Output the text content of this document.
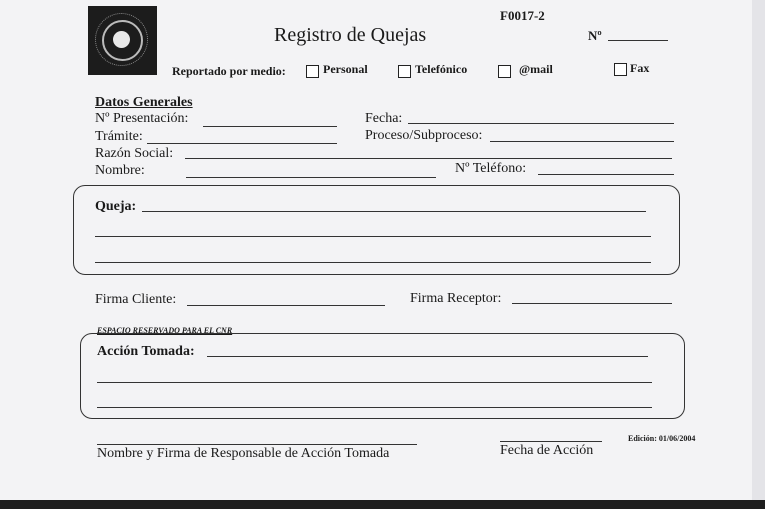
F0017-2
Registro de Quejas	Nº
Reportado por medio:	Personal	Telefónico	@mail	Fax
Datos Generales
Nº Presentación:	Fecha:
Trámite:	Proceso/Subproceso:
Razón Social:
Nombre:	Nº Teléfono:
Queja:
Firma Cliente:	Firma Receptor:
ESPACIO RESERVADO PARA EL CNR
Acción Tomada:
Nombre y Firma de Responsable de Acción Tomada	Fecha de Acción
Edición: 01/06/2004
